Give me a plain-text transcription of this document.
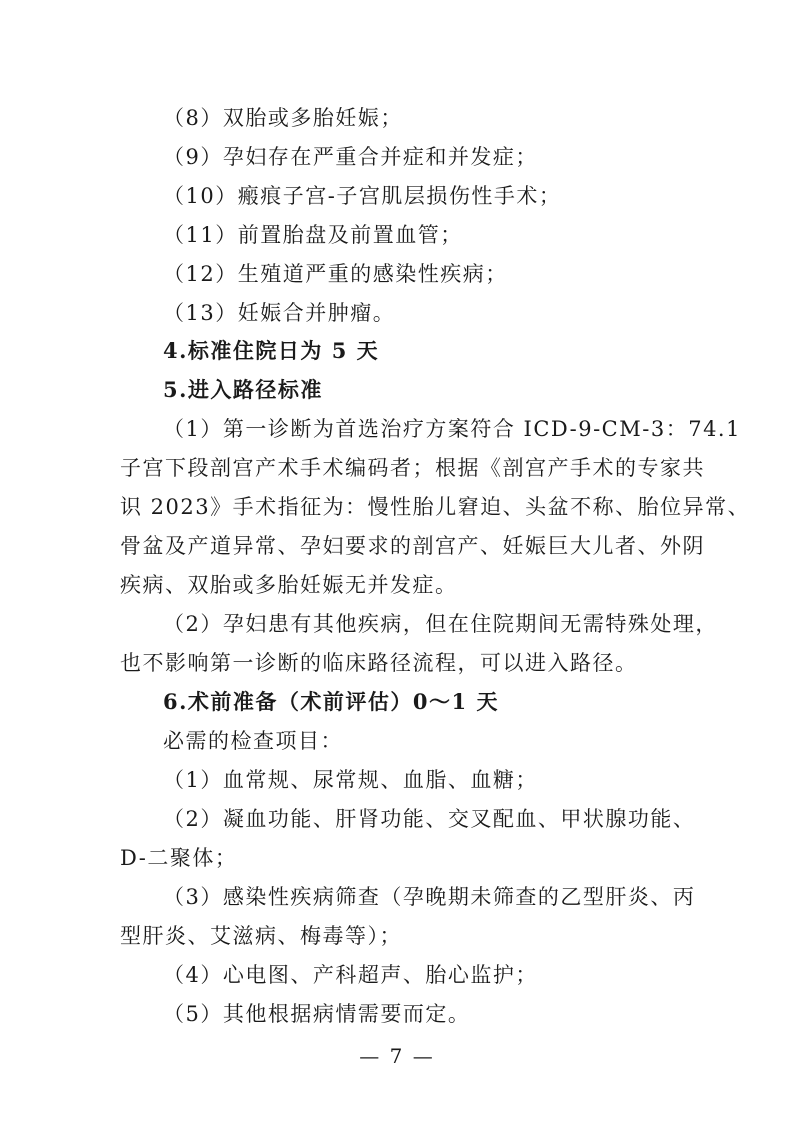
（8）双胎或多胎妊娠；
（9）孕妇存在严重合并症和并发症；
（10）瘢痕子宫-子宫肌层损伤性手术；
（11）前置胎盘及前置血管；
（12）生殖道严重的感染性疾病；
（13）妊娠合并肿瘤。
4.标准住院日为 5 天
5.进入路径标准
（1）第一诊断为首选治疗方案符合 ICD-9-CM-3：74.1
子宫下段剖宫产术手术编码者；根据《剖宫产手术的专家共
识 2023》手术指征为：慢性胎儿窘迫、头盆不称、胎位异常、
骨盆及产道异常、孕妇要求的剖宫产、妊娠巨大儿者、外阴
疾病、双胎或多胎妊娠无并发症。
（2）孕妇患有其他疾病，但在住院期间无需特殊处理，
也不影响第一诊断的临床路径流程，可以进入路径。
6.术前准备（术前评估）0～1 天
必需的检查项目：
（1）血常规、尿常规、血脂、血糖；
（2）凝血功能、肝肾功能、交叉配血、甲状腺功能、
D-二聚体；
（3）感染性疾病筛查（孕晚期未筛查的乙型肝炎、丙
型肝炎、艾滋病、梅毒等）；
（4）心电图、产科超声、胎心监护；
（5）其他根据病情需要而定。
— 7 —
